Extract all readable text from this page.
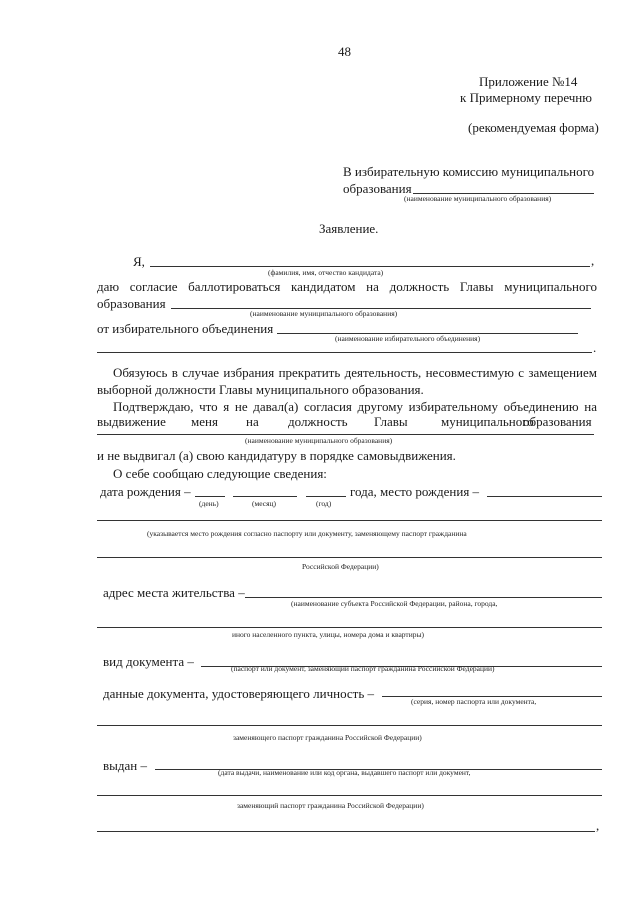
48
Приложение №14
к Примерному перечню
(рекомендуемая форма)
В избирательную комиссию муниципального
образования
(наименование муниципального образования)
Заявление.
Я,	,
(фамилия, имя, отчество кандидата)
даю согласие баллотироваться кандидатом на должность Главы муниципального
образования
(наименование муниципального образования)
от избирательного объединения
(наименование избирательного объединения)
.
Обязуюсь в случае избрания прекратить деятельность, несовместимую с замещением
выборной должности Главы муниципального образования.
Подтверждаю, что я не давал(а) согласия другому избирательному объединению на
выдвижение меня на должность Главы	муниципального
образования
(наименование муниципального образования)
и не выдвигал (а) свою кандидатуру в порядке самовыдвижения.
О себе сообщаю следующие сведения:
дата рождения –
(день)	(месяц)	(год)
года, место рождения –
(указывается место рождения согласно паспорту или документу, заменяющему паспорт гражданина
Российской Федерации)
адрес места жительства –
(наименование субъекта Российской Федерации, района, города,
иного населенного пункта, улицы, номера дома и квартиры)
вид документа –	(паспорт или документ, заменяющий паспорт гражданина Российской Федерации)
данные документа, удостоверяющего личность –
(серия, номер паспорта или документа,
заменяющего паспорт гражданина Российской Федерации)
выдан –	(дата выдачи, наименование или код органа, выдавшего паспорт или документ,
заменяющий паспорт гражданина Российской Федерации)
,
